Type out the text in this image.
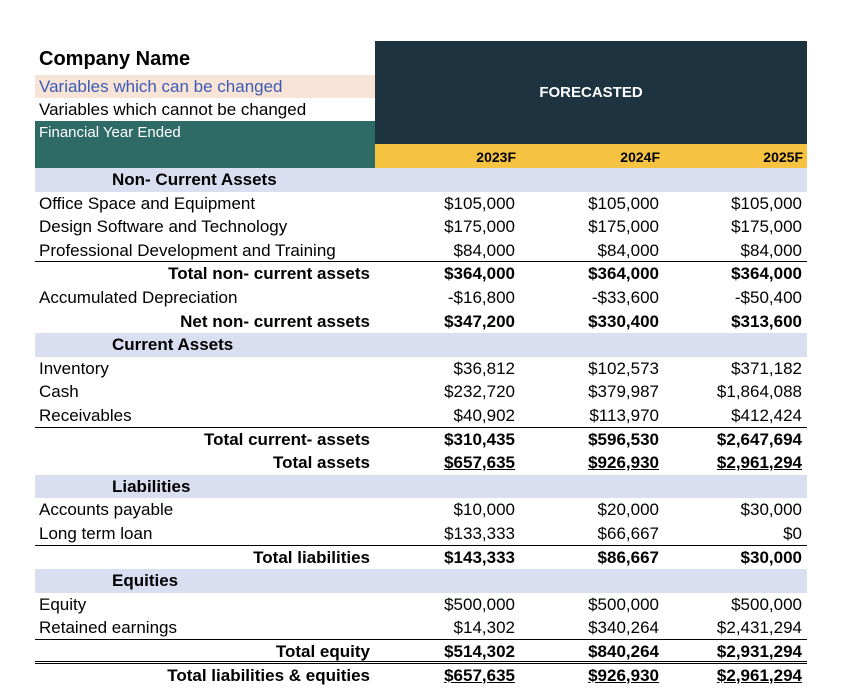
Company Name
Variables which can be changed
Variables which cannot be changed
Financial Year Ended
FORECASTED
2023F	2024F	2025F
Non- Current Assets
Office Space and Equipment	$105,000	$105,000	$105,000
Design Software and Technology	$175,000	$175,000	$175,000
Professional Development and Training	$84,000	$84,000	$84,000
Total non- current assets	$364,000	$364,000	$364,000
Accumulated Depreciation	-$16,800	-$33,600	-$50,400
Net non- current assets	$347,200	$330,400	$313,600
Current Assets
Inventory	$36,812	$102,573	$371,182
Cash	$232,720	$379,987	$1,864,088
Receivables	$40,902	$113,970	$412,424
Total current- assets	$310,435	$596,530	$2,647,694
Total assets	$657,635	$926,930	$2,961,294
Liabilities
Accounts payable	$10,000	$20,000	$30,000
Long term loan	$133,333	$66,667	$0
Total liabilities	$143,333	$86,667	$30,000
Equities
Equity	$500,000	$500,000	$500,000
Retained earnings	$14,302	$340,264	$2,431,294
Total equity	$514,302	$840,264	$2,931,294
Total liabilities & equities	$657,635	$926,930	$2,961,294
